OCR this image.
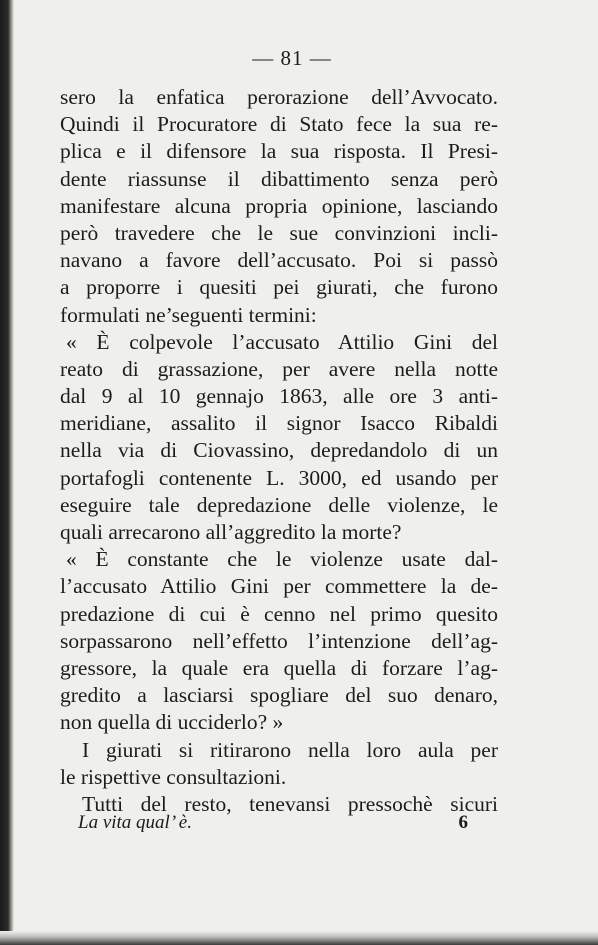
— 81 —
sero la enfatica perorazione dell’Avvocato.
Quindi il Procuratore di Stato fece la sua re-
plica e il difensore la sua risposta. Il Presi-
dente riassunse il dibattimento senza però
manifestare alcuna propria opinione, lasciando
però travedere che le sue convinzioni incli-
navano a favore dell’accusato. Poi si passò
a proporre i quesiti pei giurati, che furono
formulati ne’seguenti termini:
« È colpevole l’accusato Attilio Gini del
reato di grassazione, per avere nella notte
dal 9 al 10 gennajo 1863, alle ore 3 anti-
meridiane, assalito il signor Isacco Ribaldi
nella via di Ciovassino, depredandolo di un
portafogli contenente L. 3000, ed usando per
eseguire tale depredazione delle violenze, le
quali arrecarono all’aggredito la morte?
« È constante che le violenze usate dal-
l’accusato Attilio Gini per commettere la de-
predazione di cui è cenno nel primo quesito
sorpassarono nell’effetto l’intenzione dell’ag-
gressore, la quale era quella di forzare l’ag-
gredito a lasciarsi spogliare del suo denaro,
non quella di ucciderlo? »
I giurati si ritirarono nella loro aula per
le rispettive consultazioni.
Tutti del resto, tenevansi pressochè sicuri
La vita qual’ è.	6
